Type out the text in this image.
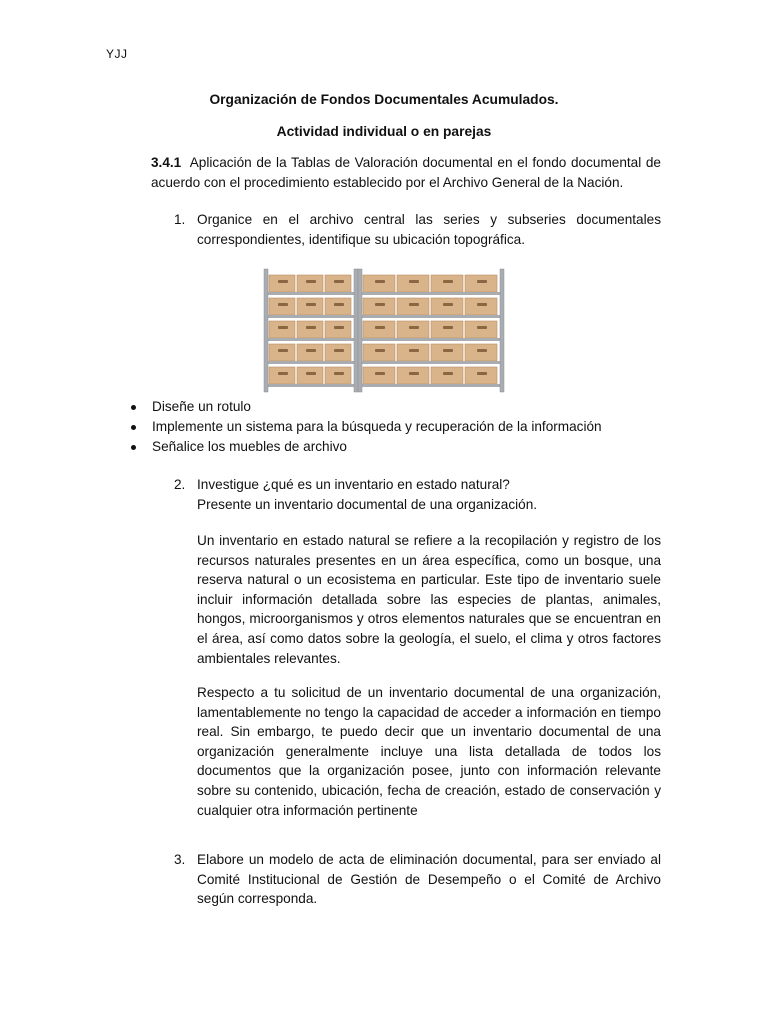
YJJ
Organización de Fondos Documentales Acumulados.
Actividad individual o en parejas
3.4.1 Aplicación de la Tablas de Valoración documental en el fondo documental de acuerdo con el procedimiento establecido por el Archivo General de la Nación.
1. Organice en el archivo central las series y subseries documentales correspondientes, identifique su ubicación topográfica.
Diseñe un rotulo
Implemente un sistema para la búsqueda y recuperación de la información
Señalice los muebles de archivo
2. Investigue ¿qué es un inventario en estado natural?
Presente un inventario documental de una organización.
Un inventario en estado natural se refiere a la recopilación y registro de los recursos naturales presentes en un área específica, como un bosque, una reserva natural o un ecosistema en particular. Este tipo de inventario suele incluir información detallada sobre las especies de plantas, animales, hongos, microorganismos y otros elementos naturales que se encuentran en el área, así como datos sobre la geología, el suelo, el clima y otros factores ambientales relevantes.
Respecto a tu solicitud de un inventario documental de una organización, lamentablemente no tengo la capacidad de acceder a información en tiempo real. Sin embargo, te puedo decir que un inventario documental de una organización generalmente incluye una lista detallada de todos los documentos que la organización posee, junto con información relevante sobre su contenido, ubicación, fecha de creación, estado de conservación y cualquier otra información pertinente
3. Elabore un modelo de acta de eliminación documental, para ser enviado al Comité Institucional de Gestión de Desempeño o el Comité de Archivo según corresponda.
